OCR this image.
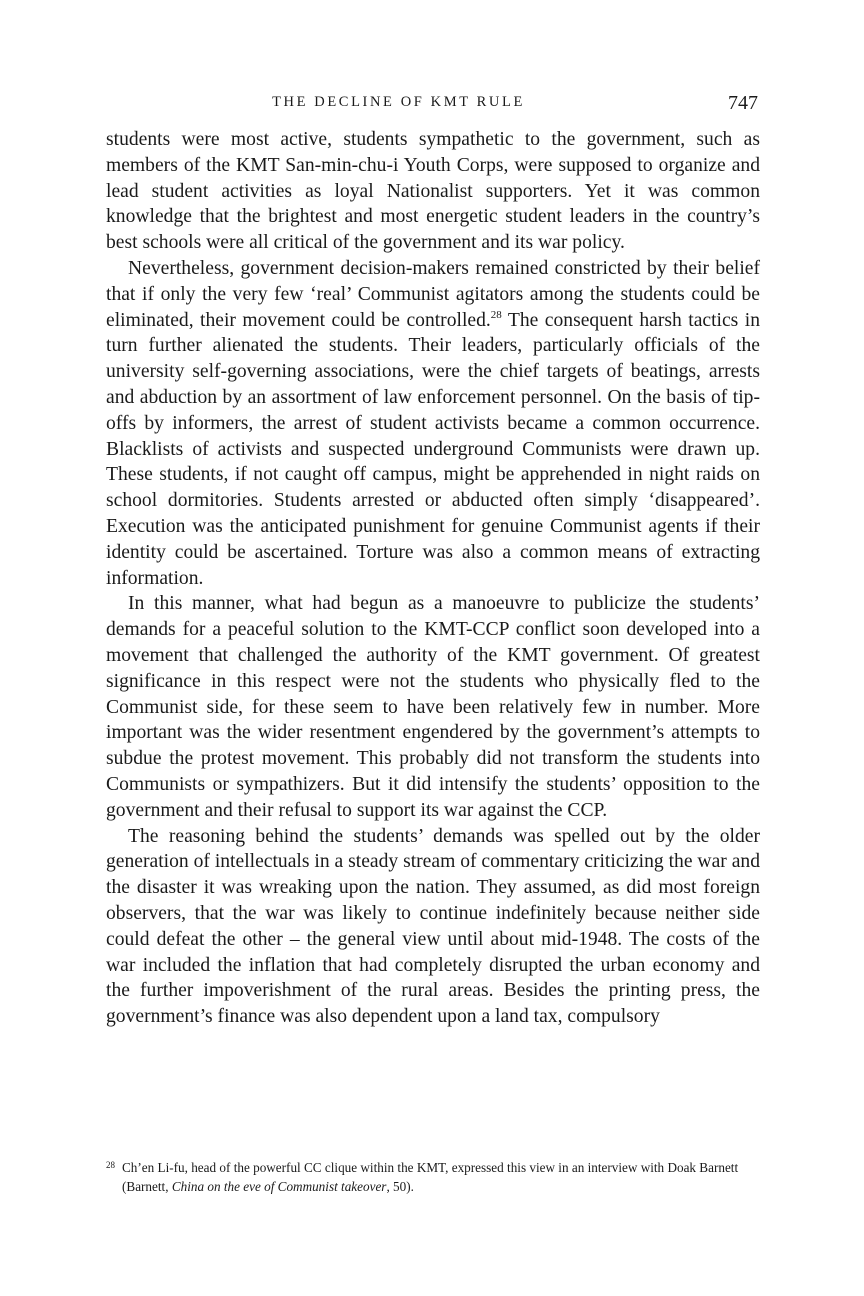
THE DECLINE OF KMT RULE	747

students were most active, students sympathetic to the government, such as members of the KMT San-min-chu-i Youth Corps, were supposed to organize and lead student activities as loyal Nationalist supporters. Yet it was common knowledge that the brightest and most energetic student leaders in the country’s best schools were all critical of the government and its war policy.

Nevertheless, government decision-makers remained constricted by their belief that if only the very few ‘real’ Communist agitators among the students could be eliminated, their movement could be controlled.$^{28}$ The consequent harsh tactics in turn further alienated the students. Their leaders, particularly officials of the university self-governing associations, were the chief targets of beatings, arrests and abduction by an assortment of law enforcement personnel. On the basis of tip-offs by informers, the arrest of student activists became a common occurrence. Blacklists of activists and suspected underground Communists were drawn up. These students, if not caught off campus, might be apprehended in night raids on school dormitories. Students arrested or abducted often simply ‘disappeared’. Execution was the anticipated punishment for genuine Communist agents if their identity could be ascertained. Torture was also a common means of extracting information.

In this manner, what had begun as a manoeuvre to publicize the students’ demands for a peaceful solution to the KMT-CCP conflict soon developed into a movement that challenged the authority of the KMT government. Of greatest significance in this respect were not the students who physically fled to the Communist side, for these seem to have been relatively few in number. More important was the wider resentment engendered by the government’s attempts to subdue the protest movement. This probably did not transform the students into Communists or sympathizers. But it did intensify the students’ opposition to the government and their refusal to support its war against the CCP.

The reasoning behind the students’ demands was spelled out by the older generation of intellectuals in a steady stream of commentary criticizing the war and the disaster it was wreaking upon the nation. They assumed, as did most foreign observers, that the war was likely to continue indefinitely because neither side could defeat the other – the general view until about mid-1948. The costs of the war included the inflation that had completely disrupted the urban economy and the further impoverishment of the rural areas. Besides the printing press, the government’s finance was also dependent upon a land tax, compulsory

28 Ch’en Li-fu, head of the powerful CC clique within the KMT, expressed this view in an interview with Doak Barnett (Barnett, China on the eve of Communist takeover, 50).
